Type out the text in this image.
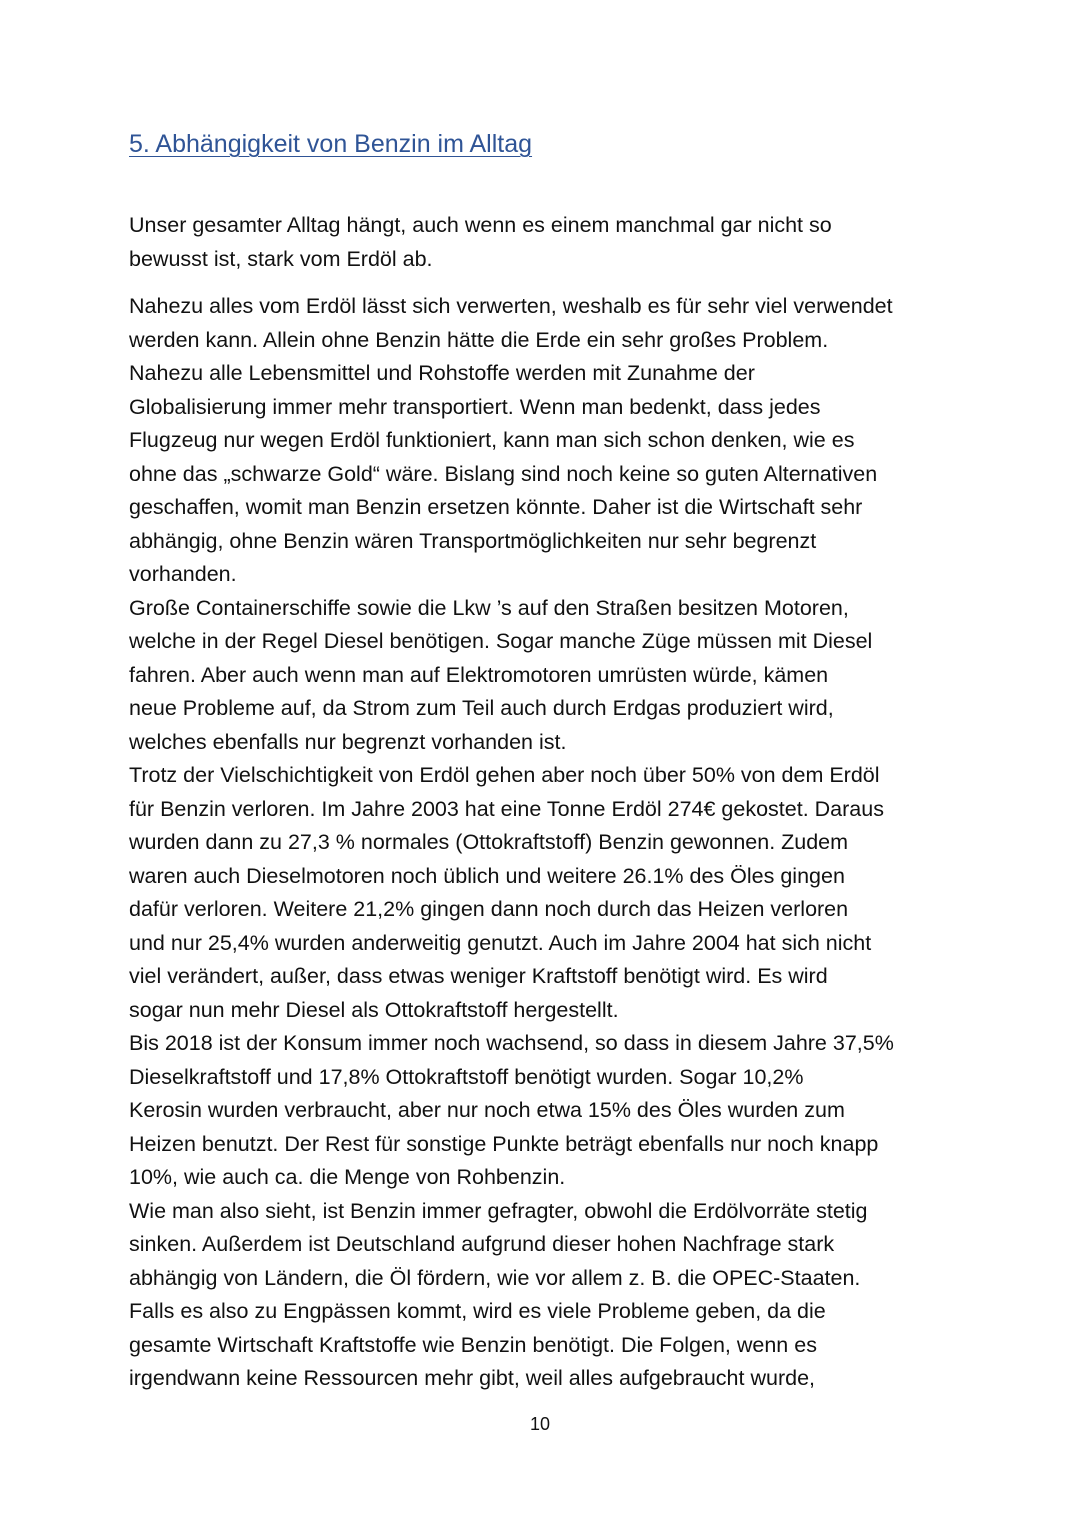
5. Abhängigkeit von Benzin im Alltag
Unser gesamter Alltag hängt, auch wenn es einem manchmal gar nicht so
bewusst ist, stark vom Erdöl ab.
Nahezu alles vom Erdöl lässt sich verwerten, weshalb es für sehr viel verwendet
werden kann. Allein ohne Benzin hätte die Erde ein sehr großes Problem.
Nahezu alle Lebensmittel und Rohstoffe werden mit Zunahme der
Globalisierung immer mehr transportiert. Wenn man bedenkt, dass jedes
Flugzeug nur wegen Erdöl funktioniert, kann man sich schon denken, wie es
ohne das „schwarze Gold“ wäre. Bislang sind noch keine so guten Alternativen
geschaffen, womit man Benzin ersetzen könnte. Daher ist die Wirtschaft sehr
abhängig, ohne Benzin wären Transportmöglichkeiten nur sehr begrenzt
vorhanden.
Große Containerschiffe sowie die Lkw ’s auf den Straßen besitzen Motoren,
welche in der Regel Diesel benötigen. Sogar manche Züge müssen mit Diesel
fahren. Aber auch wenn man auf Elektromotoren umrüsten würde, kämen
neue Probleme auf, da Strom zum Teil auch durch Erdgas produziert wird,
welches ebenfalls nur begrenzt vorhanden ist.
Trotz der Vielschichtigkeit von Erdöl gehen aber noch über 50% von dem Erdöl
für Benzin verloren. Im Jahre 2003 hat eine Tonne Erdöl 274€ gekostet. Daraus
wurden dann zu 27,3 % normales (Ottokraftstoff) Benzin gewonnen. Zudem
waren auch Dieselmotoren noch üblich und weitere 26.1% des Öles gingen
dafür verloren. Weitere 21,2% gingen dann noch durch das Heizen verloren
und nur 25,4% wurden anderweitig genutzt. Auch im Jahre 2004 hat sich nicht
viel verändert, außer, dass etwas weniger Kraftstoff benötigt wird. Es wird
sogar nun mehr Diesel als Ottokraftstoff hergestellt.
Bis 2018 ist der Konsum immer noch wachsend, so dass in diesem Jahre 37,5%
Dieselkraftstoff und 17,8% Ottokraftstoff benötigt wurden. Sogar 10,2%
Kerosin wurden verbraucht, aber nur noch etwa 15% des Öles wurden zum
Heizen benutzt. Der Rest für sonstige Punkte beträgt ebenfalls nur noch knapp
10%, wie auch ca. die Menge von Rohbenzin.
Wie man also sieht, ist Benzin immer gefragter, obwohl die Erdölvorräte stetig
sinken. Außerdem ist Deutschland aufgrund dieser hohen Nachfrage stark
abhängig von Ländern, die Öl fördern, wie vor allem z. B. die OPEC-Staaten.
Falls es also zu Engpässen kommt, wird es viele Probleme geben, da die
gesamte Wirtschaft Kraftstoffe wie Benzin benötigt. Die Folgen, wenn es
irgendwann keine Ressourcen mehr gibt, weil alles aufgebraucht wurde,
10
